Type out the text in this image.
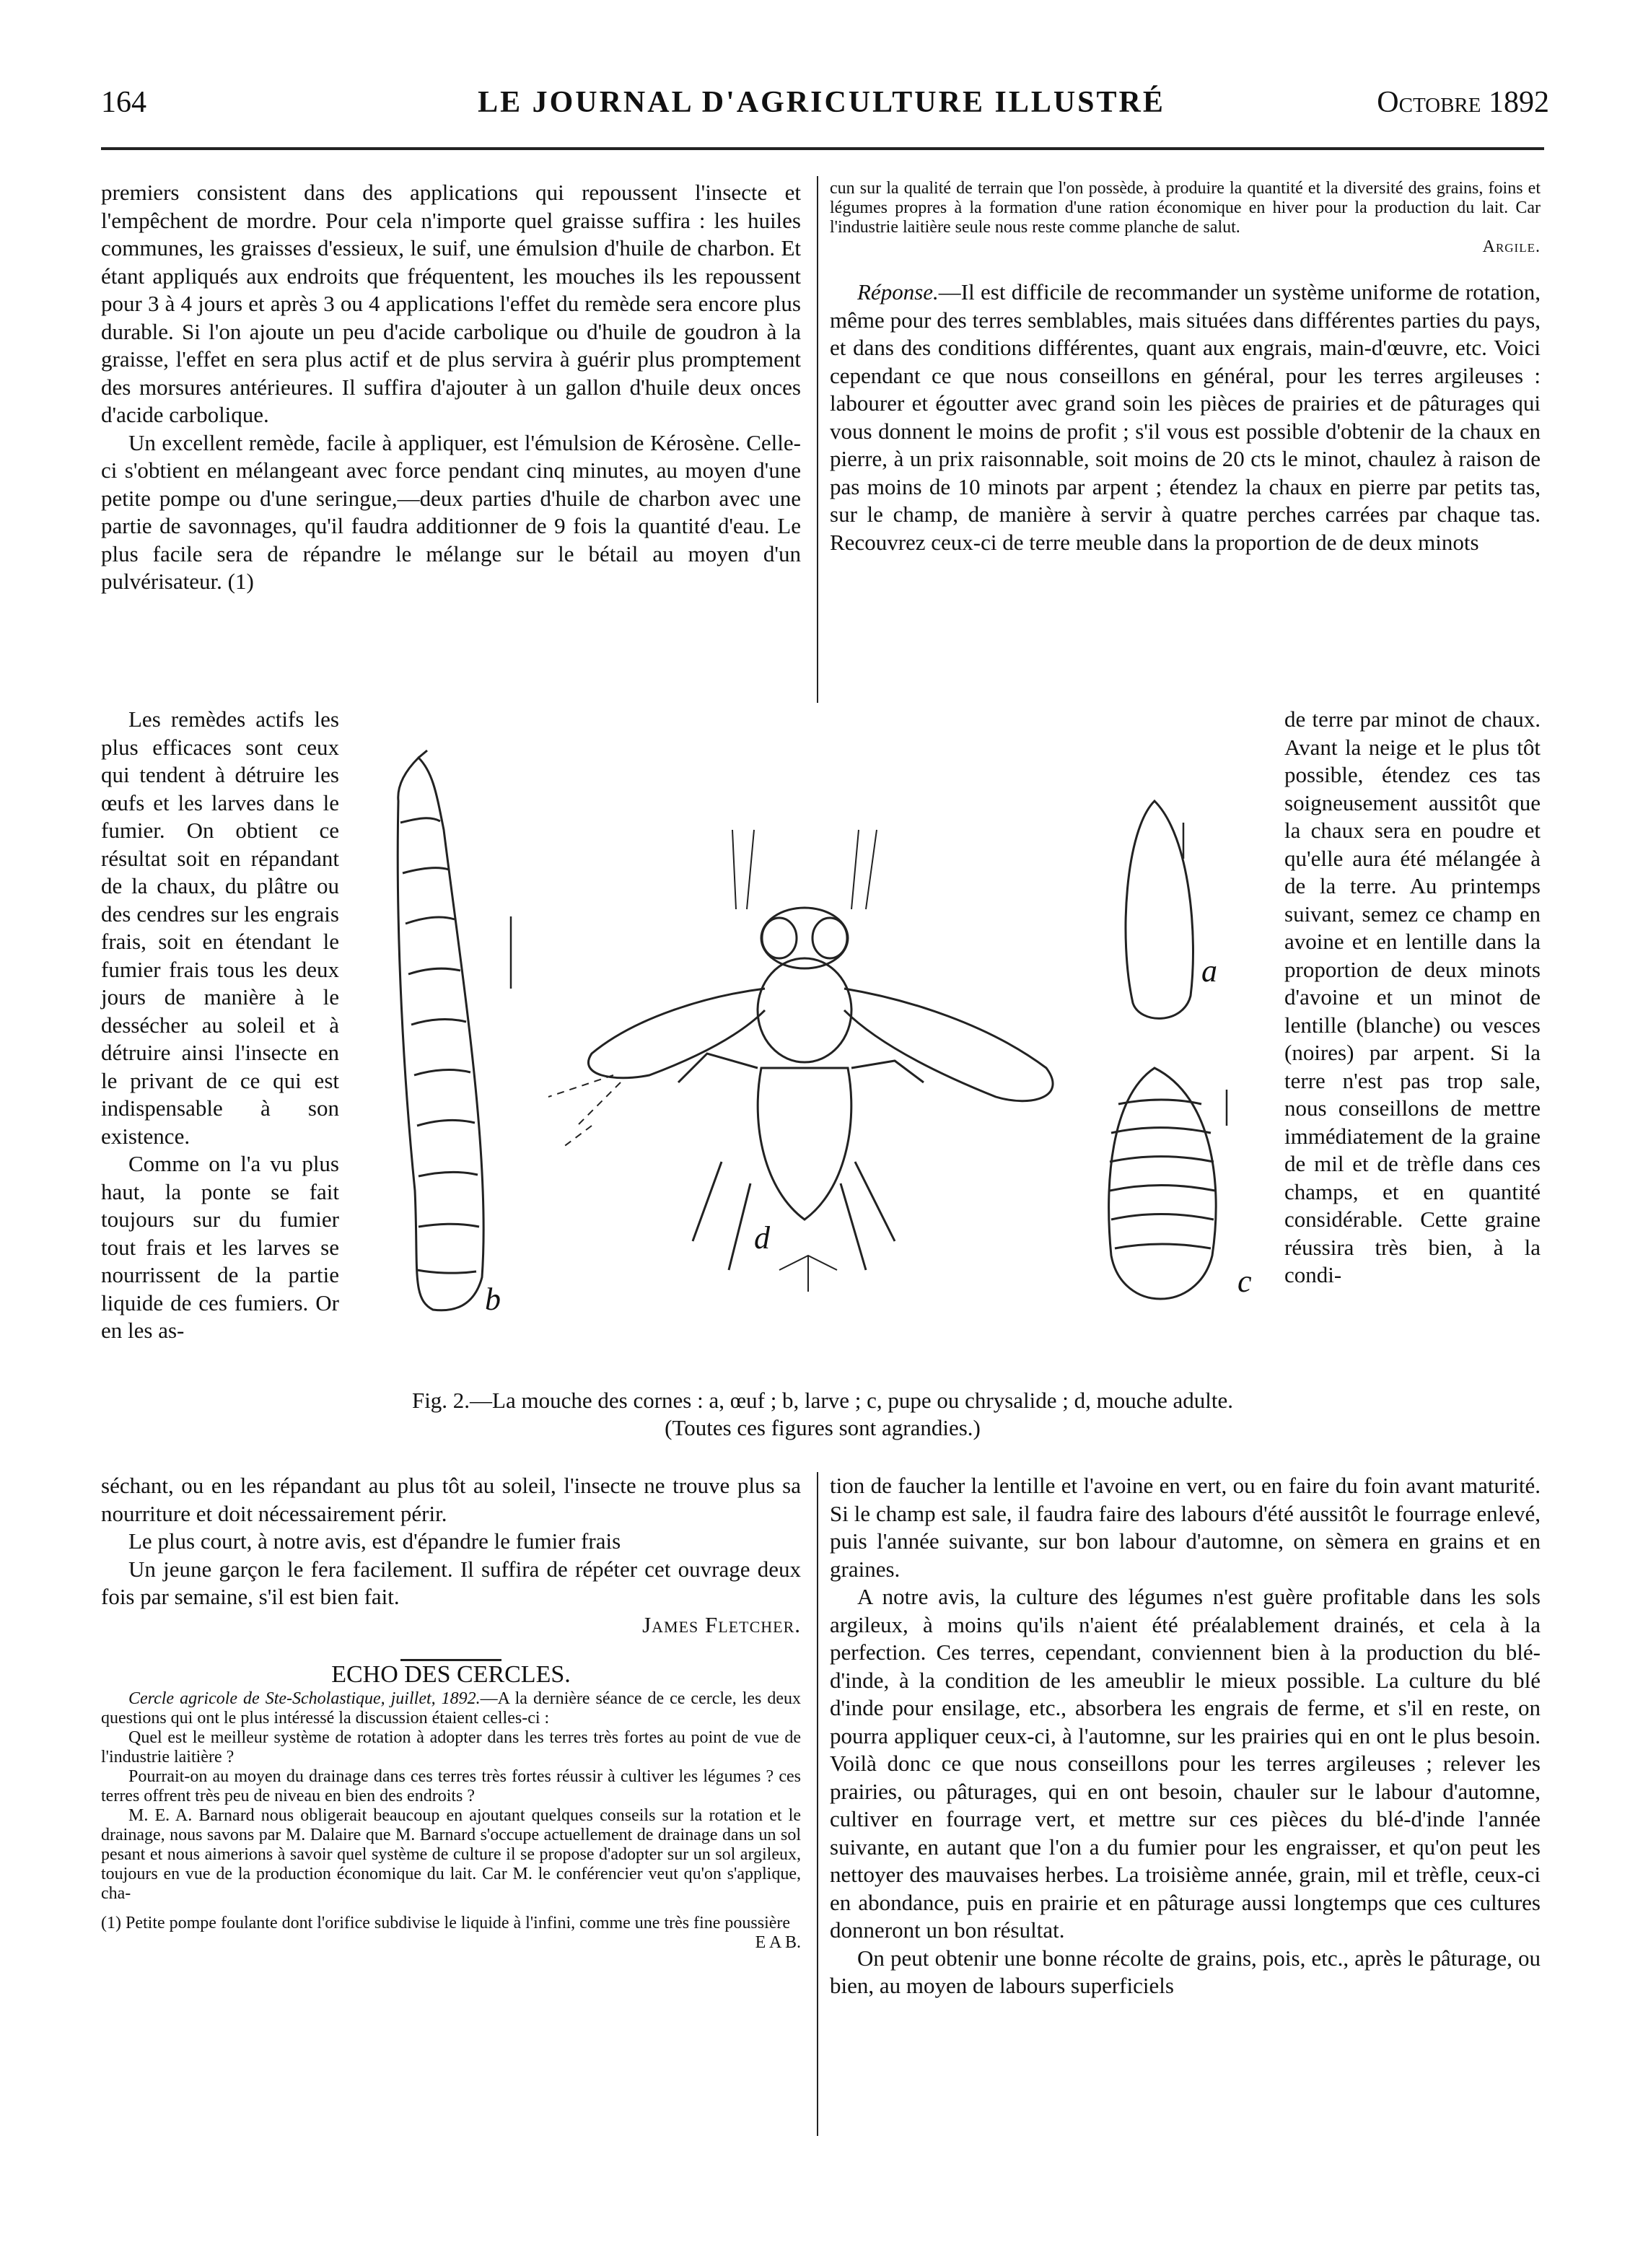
164	LE JOURNAL D'AGRICULTURE ILLUSTRÉ	Octobre 1892

premiers consistent dans des applications qui repoussent l'insecte et l'empêchent de mordre. Pour cela n'importe quel graisse suffira : les huiles communes, les graisses d'essieux, le suif, une émulsion d'huile de charbon. Et étant appliqués aux endroits que fréquentent, les mouches ils les repoussent pour 3 à 4 jours et après 3 ou 4 applications l'effet du remède sera encore plus durable. Si l'on ajoute un peu d'acide carbolique ou d'huile de goudron à la graisse, l'effet en sera plus actif et de plus servira à guérir plus promptement des morsures antérieures. Il suffira d'ajouter à un gallon d'huile deux onces d'acide carbolique.

Un excellent remède, facile à appliquer, est l'émulsion de Kérosène. Celle-ci s'obtient en mélangeant avec force pendant cinq minutes, au moyen d'une petite pompe ou d'une seringue,—deux parties d'huile de charbon avec une partie de savonnages, qu'il faudra additionner de 9 fois la quantité d'eau. Le plus facile sera de répandre le mélange sur le bétail au moyen d'un pulvérisateur. (1)

Les remèdes actifs les plus efficaces sont ceux qui tendent à détruire les œufs et les larves dans le fumier. On obtient ce résultat soit en répandant de la chaux, du plâtre ou des cendres sur les engrais frais, soit en étendant le fumier frais tous les deux jours de manière à le dessécher au soleil et à détruire ainsi l'insecte en le privant de ce qui est indispensable à son existence.

Comme on l'a vu plus haut, la ponte se fait toujours sur du fumier tout frais et les larves se nourrissent de la partie liquide de ces fumiers. Or en les as-

séchant, ou en les répandant au plus tôt au soleil, l'insecte ne trouve plus sa nourriture et doit nécessairement périr.

Le plus court, à notre avis, est d'épandre le fumier frais

Un jeune garçon le fera facilement. Il suffira de répéter cet ouvrage deux fois par semaine, s'il est bien fait.

James Fletcher.

ECHO DES CERCLES.

Cercle agricole de Ste-Scholastique, juillet, 1892.—A la dernière séance de ce cercle, les deux questions qui ont le plus intéressé la discussion étaient celles-ci :

Quel est le meilleur système de rotation à adopter dans les terres très fortes au point de vue de l'industrie laitière ?

Pourrait-on au moyen du drainage dans ces terres très fortes réussir à cultiver les légumes ? ces terres offrent très peu de niveau en bien des endroits ?

M. E. A. Barnard nous obligerait beaucoup en ajoutant quelques conseils sur la rotation et le drainage, nous savons par M. Dalaire que M. Barnard s'occupe actuellement de drainage dans un sol pesant et nous aimerions à savoir quel système de culture il se propose d'adopter sur un sol argileux, toujours en vue de la production économique du lait. Car M. le conférencier veut qu'on s'applique, cha-

(1) Petite pompe foulante dont l'orifice subdivise le liquide à l'infini, comme une très fine poussière
E A B.

cun sur la qualité de terrain que l'on possède, à produire la quantité et la diversité des grains, foins et légumes propres à la formation d'une ration économique en hiver pour la production du lait. Car l'industrie laitière seule nous reste comme planche de salut.

Argile.

Réponse.—Il est difficile de recommander un système uniforme de rotation, même pour des terres semblables, mais situées dans différentes parties du pays, et dans des conditions différentes, quant aux engrais, main-d'œuvre, etc. Voici cependant ce que nous conseillons en général, pour les terres argileuses : labourer et égoutter avec grand soin les pièces de prairies et de pâturages qui vous donnent le moins de profit ; s'il vous est possible d'obtenir de la chaux en pierre, à un prix raisonnable, soit moins de 20 cts le minot, chaulez à raison de pas moins de 10 minots par arpent ; étendez la chaux en pierre par petits tas, sur le champ, de manière à servir à quatre perches carrées par chaque tas. Recouvrez ceux-ci de terre meuble dans la proportion de de deux minots

de terre par minot de chaux. Avant la neige et le plus tôt possible, étendez ces tas soigneusement aussitôt que la chaux sera en poudre et qu'elle aura été mélangée à de la terre. Au printemps suivant, semez ce champ en avoine et en lentille dans la proportion de deux minots d'avoine et un minot de lentille (blanche) ou vesces (noires) par arpent. Si la terre n'est pas trop sale, nous conseillons de mettre immédiatement de la graine de mil et de trèfle dans ces champs, et en quantité considérable. Cette graine réussira très bien, à la condi-

tion de faucher la lentille et l'avoine en vert, ou en faire du foin avant maturité. Si le champ est sale, il faudra faire des labours d'été aussitôt le fourrage enlevé, puis l'année suivante, sur bon labour d'automne, on sèmera en grains et en graines.

A notre avis, la culture des légumes n'est guère profitable dans les sols argileux, à moins qu'ils n'aient été préalablement drainés, et cela à la perfection. Ces terres, cependant, conviennent bien à la production du blé-d'inde, à la condition de les ameublir le mieux possible. La culture du blé d'inde pour ensilage, etc., absorbera les engrais de ferme, et s'il en reste, on pourra appliquer ceux-ci, à l'automne, sur les prairies qui en ont le plus besoin. Voilà donc ce que nous conseillons pour les terres argileuses ; relever les prairies, ou pâturages, qui en ont besoin, chauler sur le labour d'automne, cultiver en fourrage vert, et mettre sur ces pièces du blé-d'inde l'année suivante, en autant que l'on a du fumier pour les engraisser, et qu'on peut les nettoyer des mauvaises herbes. La troisième année, grain, mil et trèfle, ceux-ci en abondance, puis en prairie et en pâturage aussi longtemps que ces cultures donneront un bon résultat.

On peut obtenir une bonne récolte de grains, pois, etc., après le pâturage, ou bien, au moyen de labours superficiels

a
b
c
d
Fig. 2.—La mouche des cornes : a, œuf ; b, larve ; c, pupe ou chrysalide ; d, mouche adulte. (Toutes ces figures sont agrandies.)
